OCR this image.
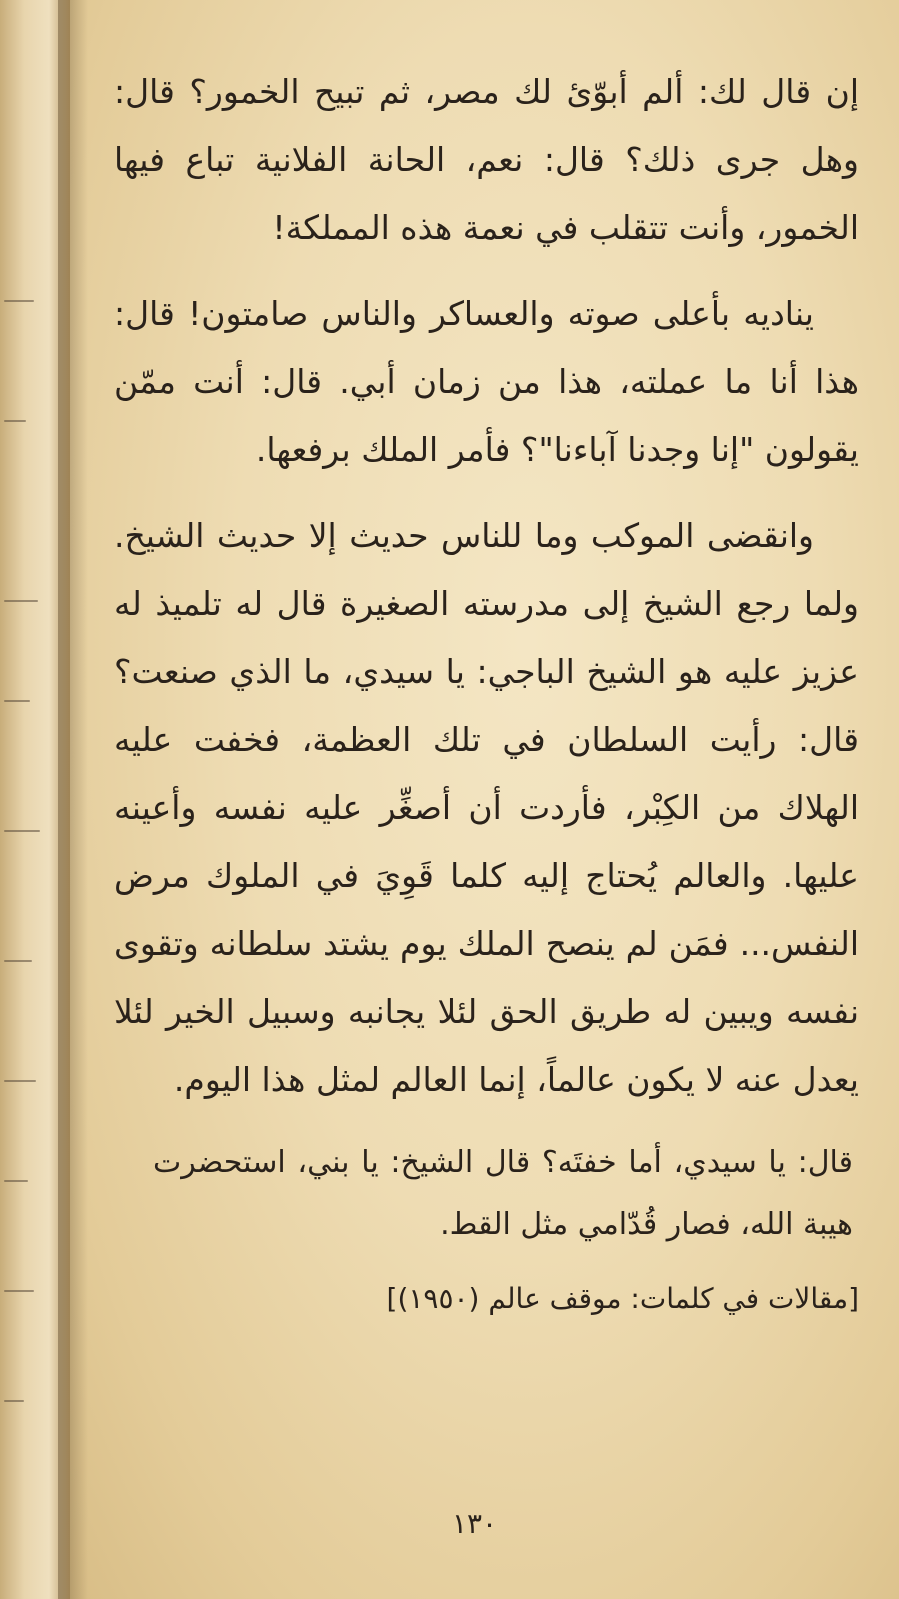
إن قال لك: ألم أبوّئ لك مصر، ثم تبيح الخمور؟ قال: وهل جرى ذلك؟ قال: نعم، الحانة الفلانية تباع فيها الخمور، وأنت تتقلب في نعمة هذه المملكة!

يناديه بأعلى صوته والعساكر والناس صامتون! قال: هذا أنا ما عملته، هذا من زمان أبي. قال: أنت ممّن يقولون "إنا وجدنا آباءنا"؟ فأمر الملك برفعها.

وانقضى الموكب وما للناس حديث إلا حديث الشيخ. ولما رجع الشيخ إلى مدرسته الصغيرة قال له تلميذ له عزيز عليه هو الشيخ الباجي: يا سيدي، ما الذي صنعت؟ قال: رأيت السلطان في تلك العظمة، فخفت عليه الهلاك من الكِبْر، فأردت أن أصغِّر عليه نفسه وأعينه عليها. والعالم يُحتاج إليه كلما قَوِيَ في الملوك مرض النفس... فمَن لم ينصح الملك يوم يشتد سلطانه وتقوى نفسه ويبين له طريق الحق لئلا يجانبه وسبيل الخير لئلا يعدل عنه لا يكون عالماً، إنما العالم لمثل هذا اليوم.

قال: يا سيدي، أما خفتَه؟ قال الشيخ: يا بني، استحضرت هيبة الله، فصار قُدّامي مثل القط.

[مقالات في كلمات: موقف عالم (١٩٥٠)]

١٣٠
